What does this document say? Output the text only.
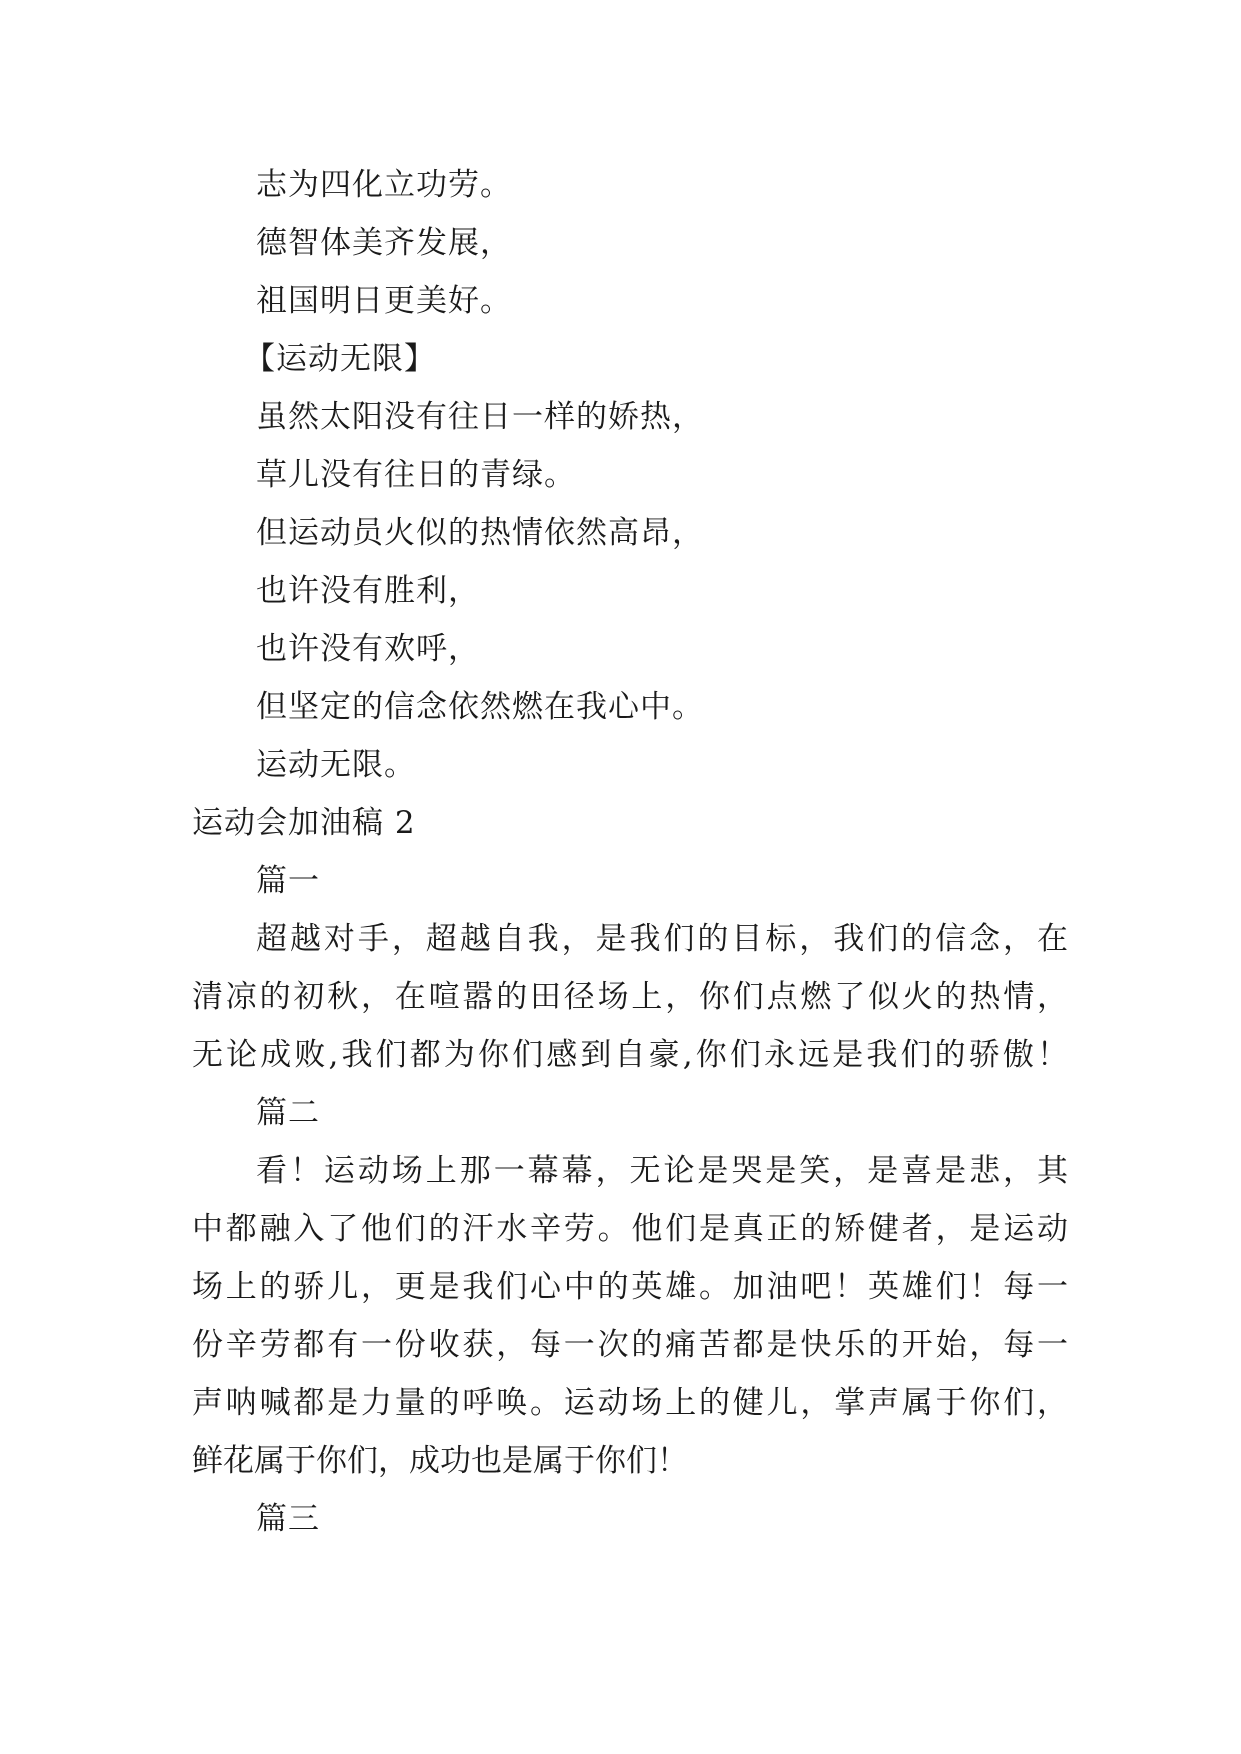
志为四化立功劳。
德智体美齐发展，
祖国明日更美好。
【运动无限】
虽然太阳没有往日一样的娇热，
草儿没有往日的青绿。
但运动员火似的热情依然高昂，
也许没有胜利，
也许没有欢呼，
但坚定的信念依然燃在我心中。
运动无限。
运动会加油稿 2
篇一
超越对手，超越自我，是我们的目标，我们的信念，在
清凉的初秋，在喧嚣的田径场上，你们点燃了似火的热情，
无论成败,我们都为你们感到自豪,你们永远是我们的骄傲！
篇二
看！运动场上那一幕幕，无论是哭是笑，是喜是悲，其
中都融入了他们的汗水辛劳。他们是真正的矫健者，是运动
场上的骄儿，更是我们心中的英雄。加油吧！英雄们！每一
份辛劳都有一份收获，每一次的痛苦都是快乐的开始，每一
声呐喊都是力量的呼唤。运动场上的健儿，掌声属于你们，
鲜花属于你们，成功也是属于你们！
篇三
